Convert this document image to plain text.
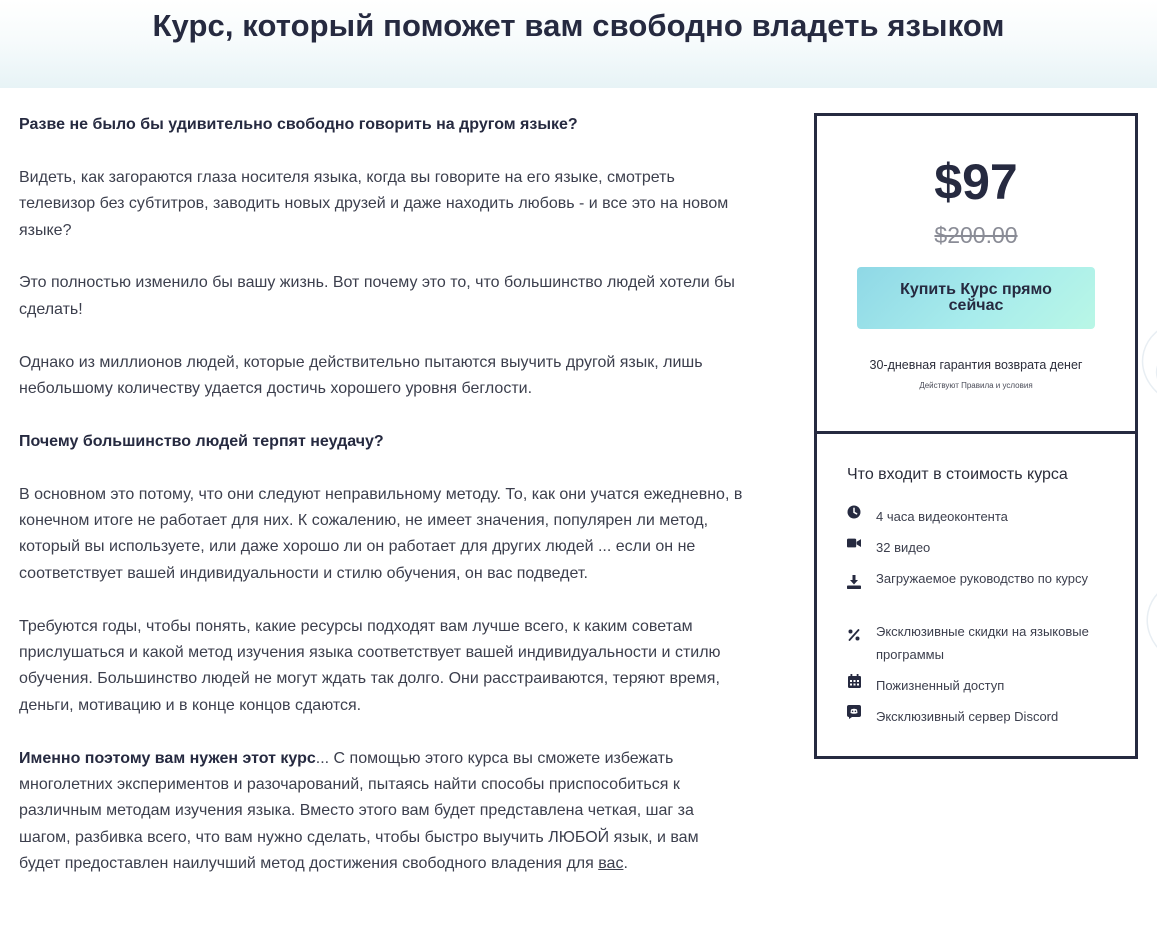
Курс, который поможет вам свободно владеть языком

Разве не было бы удивительно свободно говорить на другом языке?

Видеть, как загораются глаза носителя языка, когда вы говорите на его языке, смотреть телевизор без субтитров, заводить новых друзей и даже находить любовь - и все это на новом языке?

Это полностью изменило бы вашу жизнь. Вот почему это то, что большинство людей хотели бы сделать!

Однако из миллионов людей, которые действительно пытаются выучить другой язык, лишь небольшому количеству удается достичь хорошего уровня беглости.

Почему большинство людей терпят неудачу?

В основном это потому, что они следуют неправильному методу. То, как они учатся ежедневно, в конечном итоге не работает для них. К сожалению, не имеет значения, популярен ли метод, который вы используете, или даже хорошо ли он работает для других людей ... если он не соответствует вашей индивидуальности и стилю обучения, он вас подведет.

Требуются годы, чтобы понять, какие ресурсы подходят вам лучше всего, к каким советам прислушаться и какой метод изучения языка соответствует вашей индивидуальности и стилю обучения. Большинство людей не могут ждать так долго. Они расстраиваются, теряют время, деньги, мотивацию и в конце концов сдаются.

Именно поэтому вам нужен этот курс... С помощью этого курса вы сможете избежать многолетних экспериментов и разочарований, пытаясь найти способы приспособиться к различным методам изучения языка. Вместо этого вам будет представлена четкая, шаг за шагом, разбивка всего, что вам нужно сделать, чтобы быстро выучить ЛЮБОЙ язык, и вам будет предоставлен наилучший метод достижения свободного владения для вас.

$97
$200.00
Купить Курс прямо сейчас
30-дневная гарантия возврата денег
Действуют Правила и условия
Что входит в стоимость курса
4 часа видеоконтента
32 видео
Загружаемое руководство по курсу
Эксклюзивные скидки на языковые программы
Пожизненный доступ
Эксклюзивный сервер Discord
